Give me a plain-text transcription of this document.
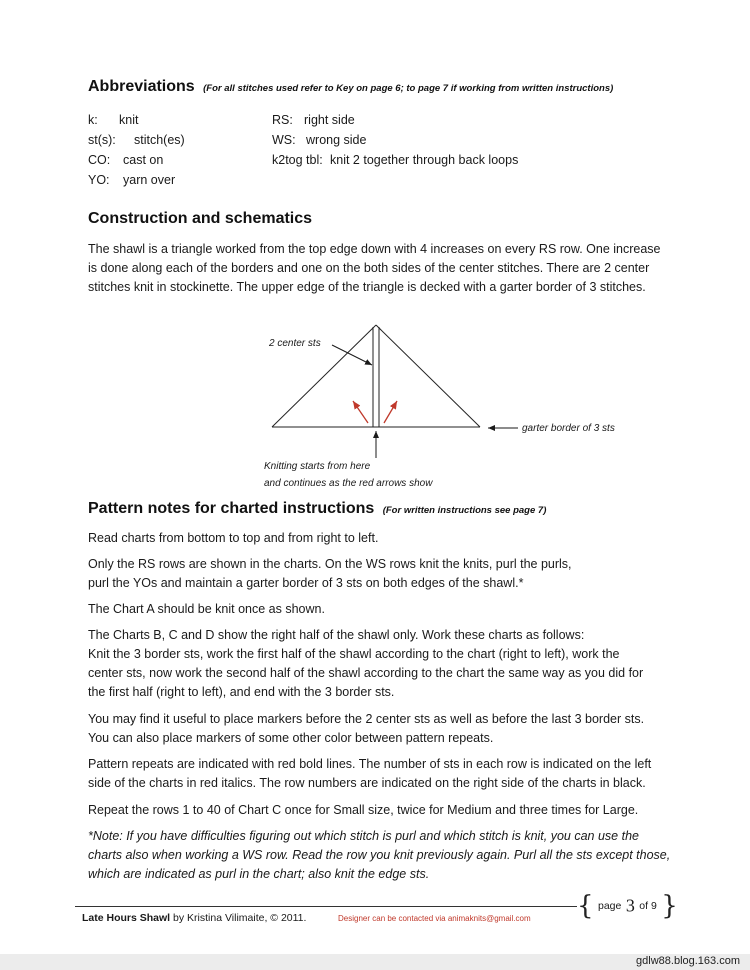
Abbreviations (For all stitches used refer to Key on page 6; to page 7 if working from written instructions)
k: knit
st(s): stitch(es)
CO: cast on
YO: yarn over
RS: right side
WS: wrong side
k2tog tbl: knit 2 together through back loops
Construction and schematics
The shawl is a triangle worked from the top edge down with 4 increases on every RS row. One increase
is done along each of the borders and one on the both sides of the center stitches. There are 2 center
stitches knit in stockinette. The upper edge of the triangle is decked with a garter border of 3 stitches.
2 center sts
garter border of 3 sts
Knitting starts from here
and continues as the red arrows show
Pattern notes for charted instructions (For written instructions see page 7)
Read charts from bottom to top and from right to left.
Only the RS rows are shown in the charts. On the WS rows knit the knits, purl the purls,
purl the YOs and maintain a garter border of 3 sts on both edges of the shawl.*
The Chart A should be knit once as shown.
The Charts B, C and D show the right half of the shawl only. Work these charts as follows:
Knit the 3 border sts, work the first half of the shawl according to the chart (right to left), work the
center sts, now work the second half of the shawl according to the chart the same way as you did for
the first half (right to left), and end with the 3 border sts.
You may find it useful to place markers before the 2 center sts as well as before the last 3 border sts.
You can also place markers of some other color between pattern repeats.
Pattern repeats are indicated with red bold lines. The number of sts in each row is indicated on the left
side of the charts in red italics. The row numbers are indicated on the right side of the charts in black.
Repeat the rows 1 to 40 of Chart C once for Small size, twice for Medium and three times for Large.
*Note: If you have difficulties figuring out which stitch is purl and which stitch is knit, you can use the
charts also when working a WS row. Read the row you knit previously again. Purl all the sts except those,
which are indicated as purl in the chart; also knit the edge sts.
Late Hours Shawl by Kristina Vilimaite, © 2011.	Designer can be contacted via animaknits@gmail.com { page 3 of 9 }
gdlw88.blog.163.com
